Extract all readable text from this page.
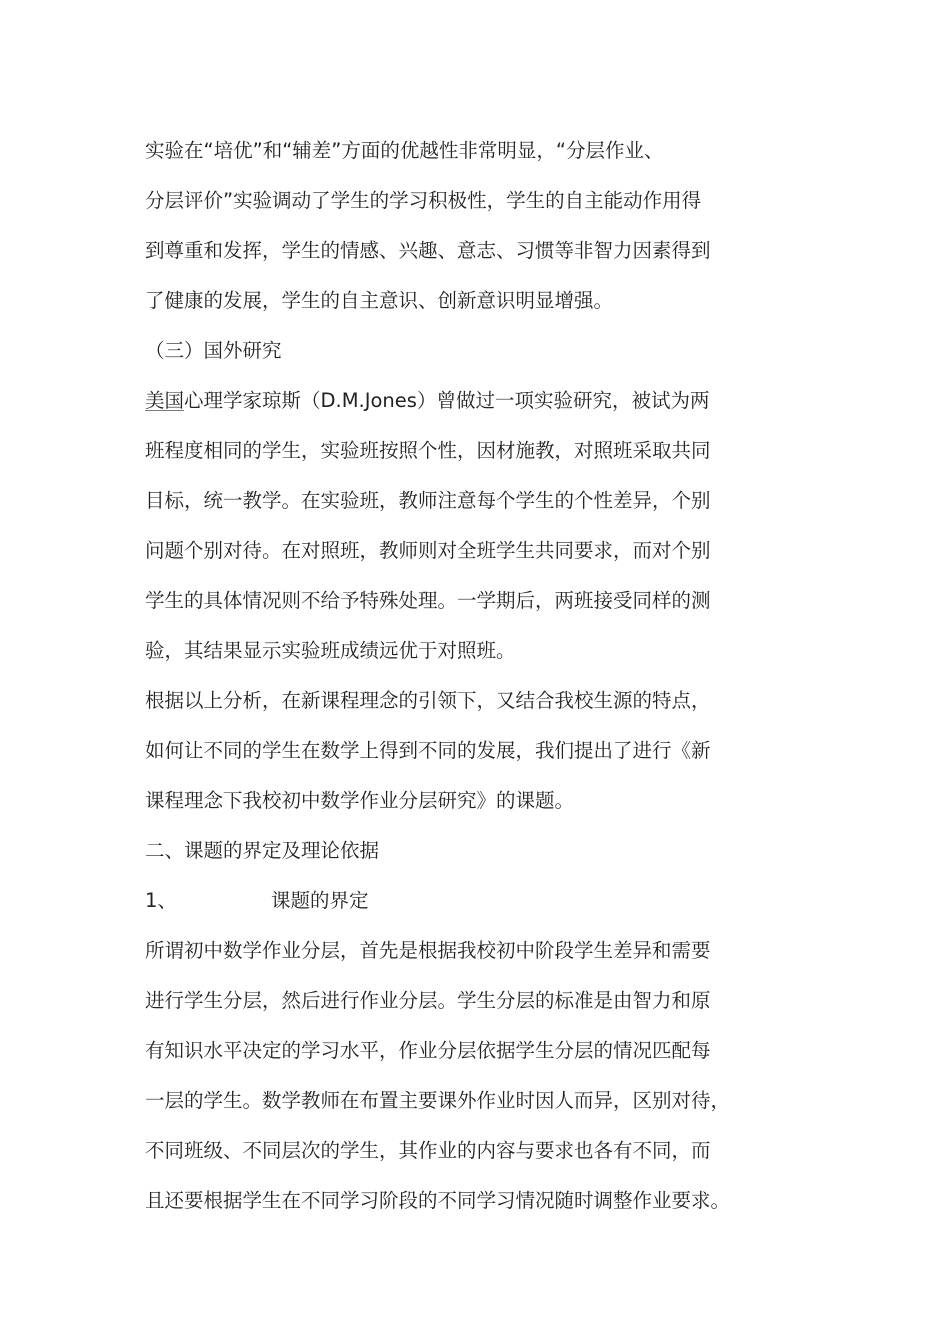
实验在“培优”和“辅差”方面的优越性非常明显，“分层作业、
分层评价”实验调动了学生的学习积极性，学生的自主能动作用得
到尊重和发挥，学生的情感、兴趣、意志、习惯等非智力因素得到
了健康的发展，学生的自主意识、创新意识明显增强。

（三）国外研究

美国心理学家琼斯（D.M.Jones）曾做过一项实验研究，被试为两
班程度相同的学生，实验班按照个性，因材施教，对照班采取共同
目标，统一教学。在实验班，教师注意每个学生的个性差异，个别
问题个别对待。在对照班，教师则对全班学生共同要求，而对个别
学生的具体情况则不给予特殊处理。一学期后，两班接受同样的测
验，其结果显示实验班成绩远优于对照班。

根据以上分析，在新课程理念的引领下，又结合我校生源的特点，
如何让不同的学生在数学上得到不同的发展，我们提出了进行《新
课程理念下我校初中数学作业分层研究》的课题。

二、课题的界定及理论依据

1、	课题的界定

所谓初中数学作业分层，首先是根据我校初中阶段学生差异和需要
进行学生分层，然后进行作业分层。学生分层的标准是由智力和原
有知识水平决定的学习水平，作业分层依据学生分层的情况匹配每
一层的学生。数学教师在布置主要课外作业时因人而异，区别对待，
不同班级、不同层次的学生，其作业的内容与要求也各有不同，而
且还要根据学生在不同学习阶段的不同学习情况随时调整作业要求。
